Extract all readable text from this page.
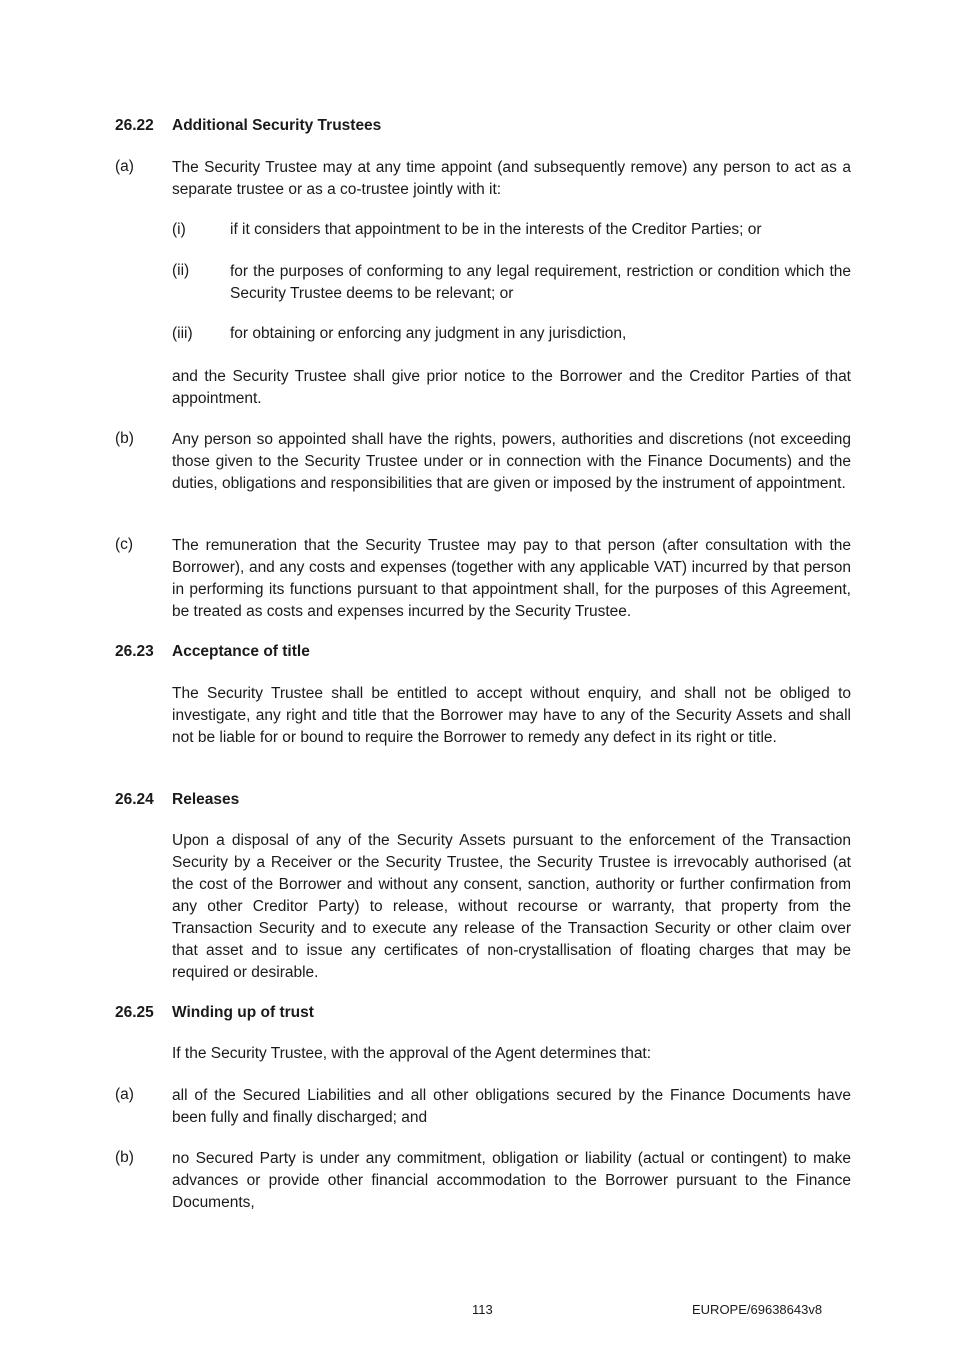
26.22 Additional Security Trustees
(a) The Security Trustee may at any time appoint (and subsequently remove) any person to act as a separate trustee or as a co-trustee jointly with it:
(i)	if it considers that appointment to be in the interests of the Creditor Parties; or
(ii)	for the purposes of conforming to any legal requirement, restriction or condition which the Security Trustee deems to be relevant; or
(iii) for obtaining or enforcing any judgment in any jurisdiction,
and the Security Trustee shall give prior notice to the Borrower and the Creditor Parties of that appointment.
(b) Any person so appointed shall have the rights, powers, authorities and discretions (not exceeding those given to the Security Trustee under or in connection with the Finance Documents) and the duties, obligations and responsibilities that are given or imposed by the instrument of appointment.
(c)	The remuneration that the Security Trustee may pay to that person (after consultation with the Borrower), and any costs and expenses (together with any applicable VAT) incurred by that person in performing its functions pursuant to that appointment shall, for the purposes of this Agreement, be treated as costs and expenses incurred by the Security Trustee.
26.23 Acceptance of title
The Security Trustee shall be entitled to accept without enquiry, and shall not be obliged to investigate, any right and title that the Borrower may have to any of the Security Assets and shall not be liable for or bound to require the Borrower to remedy any defect in its right or title.
26.24 Releases
Upon a disposal of any of the Security Assets pursuant to the enforcement of the Transaction Security by a Receiver or the Security Trustee, the Security Trustee is irrevocably authorised (at the cost of the Borrower and without any consent, sanction, authority or further confirmation from any other Creditor Party) to release, without recourse or warranty, that property from the Transaction Security and to execute any release of the Transaction Security or other claim over that asset and to issue any certificates of non-crystallisation of floating charges that may be required or desirable.
26.25 Winding up of trust
If the Security Trustee, with the approval of the Agent determines that:
(a) all of the Secured Liabilities and all other obligations secured by the Finance Documents have been fully and finally discharged; and
(b) no Secured Party is under any commitment, obligation or liability (actual or contingent) to make advances or provide other financial accommodation to the Borrower pursuant to the Finance Documents,
113	EUROPE/69638643v8
